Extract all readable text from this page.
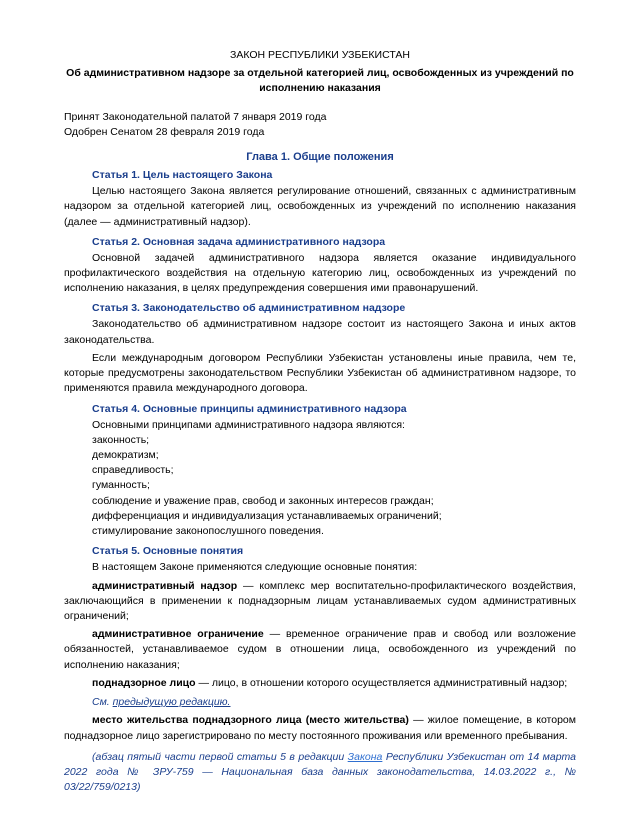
ЗАКОН РЕСПУБЛИКИ УЗБЕКИСТАН
Об административном надзоре за отдельной категорией лиц, освобожденных из учреждений по исполнению наказания
Принят Законодательной палатой 7 января 2019 года
Одобрен Сенатом 28 февраля 2019 года
Глава 1. Общие положения
Статья 1. Цель настоящего Закона

Целью настоящего Закона является регулирование отношений, связанных с административным надзором за отдельной категорией лиц, освобожденных из учреждений по исполнению наказания (далее — административный надзор).

Статья 2. Основная задача административного надзора

Основной задачей административного надзора является оказание индивидуального профилактического воздействия на отдельную категорию лиц, освобожденных из учреждений по исполнению наказания, в целях предупреждения совершения ими правонарушений.

Статья 3. Законодательство об административном надзоре

Законодательство об административном надзоре состоит из настоящего Закона и иных актов законодательства.

Если международным договором Республики Узбекистан установлены иные правила, чем те, которые предусмотрены законодательством Республики Узбекистан об административном надзоре, то применяются правила международного договора.

Статья 4. Основные принципы административного надзора

Основными принципами административного надзора являются:

законность;

демократизм;

справедливость;

гуманность;

соблюдение и уважение прав, свобод и законных интересов граждан;

дифференциация и индивидуализация устанавливаемых ограничений;

стимулирование законопослушного поведения.

Статья 5. Основные понятия

В настоящем Законе применяются следующие основные понятия:

административный надзор — комплекс мер воспитательно-профилактического воздействия, заключающийся в применении к поднадзорным лицам устанавливаемых судом административных ограничений;

административное ограничение — временное ограничение прав и свобод или возложение обязанностей, устанавливаемое судом в отношении лица, освобожденного из учреждений по исполнению наказания;

поднадзорное лицо — лицо, в отношении которого осуществляется административный надзор;

См. предыдущую редакцию.

место жительства поднадзорного лица (место жительства) — жилое помещение, в котором поднадзорное лицо зарегистрировано по месту постоянного проживания или временного пребывания.

(абзац пятый части первой статьи 5 в редакции Закона Республики Узбекистан от 14 марта 2022 года № ЗРУ-759 — Национальная база данных законодательства, 14.03.2022 г., № 03/22/759/0213)
